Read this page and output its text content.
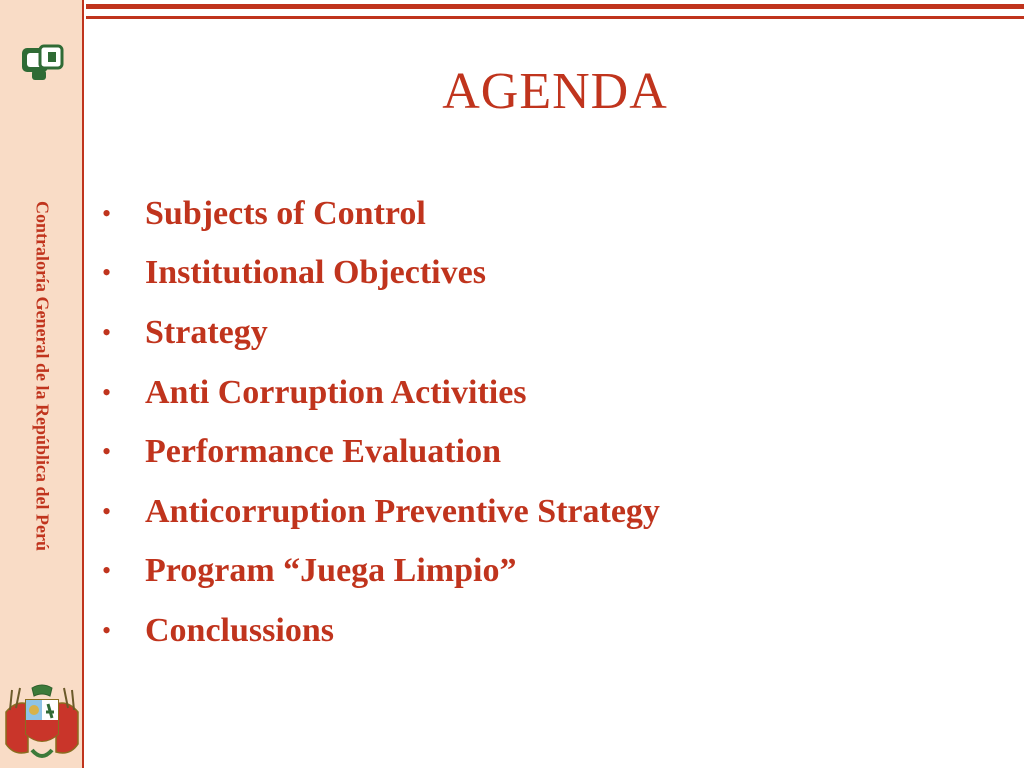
Contraloría General de la República del Perú
AGENDA
• Subjects of Control
• Institutional Objectives
• Strategy
• Anti Corruption Activities
• Performance Evaluation
• Anticorruption Preventive Strategy
• Program “Juega Limpio”
• Conclussions
